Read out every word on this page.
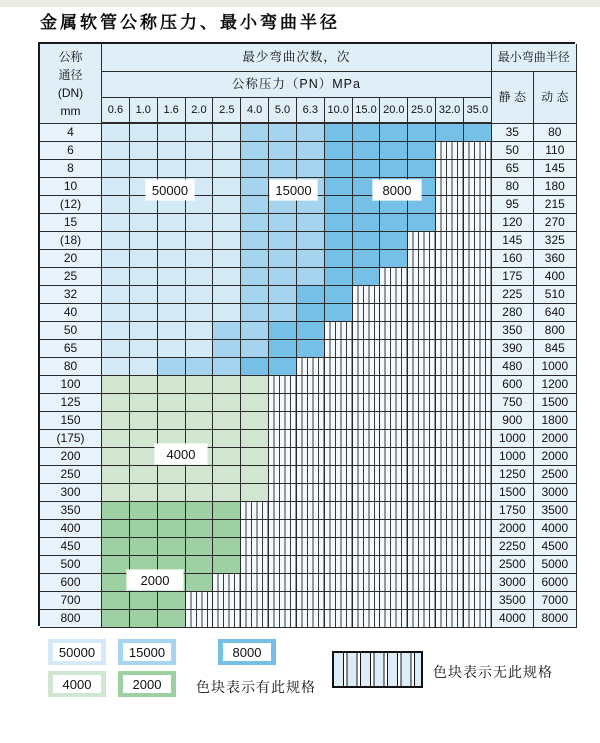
金属软管公称压力、最小弯曲半径
公称
通径
(DN)
mm
最少弯曲次数，次	最小弯曲半径
公称压力（PN）MPa
静 态	动 态
0.6	1.0	1.6	2.0	2.5	4.0	5.0	6.3 10.0 15.0 20.0 25.0 32.0 35.0
4	35	80
6	50	110
8	65	145
10	80	180
(12)	95	215
15	120	270
(18)	145	325
20	160	360
25	175	400
32	225	510
40	280	640
50	350	800
65	390	845
80	480	1000
100	600	1200
125	750	1500
150	900	1800
(175)	1000	2000
200	1000	2000
250	1250	2500
300	1500	3000
350	1750	3500
400	2000	4000
450	2250	4500
500	2500	5000
600	3000	6000
700	3500	7000
800	4000	8000
50000	15000	8000
4000
2000
50000	15000	8000
4000	2000	色块表示有此规格
色块表示无此规格
